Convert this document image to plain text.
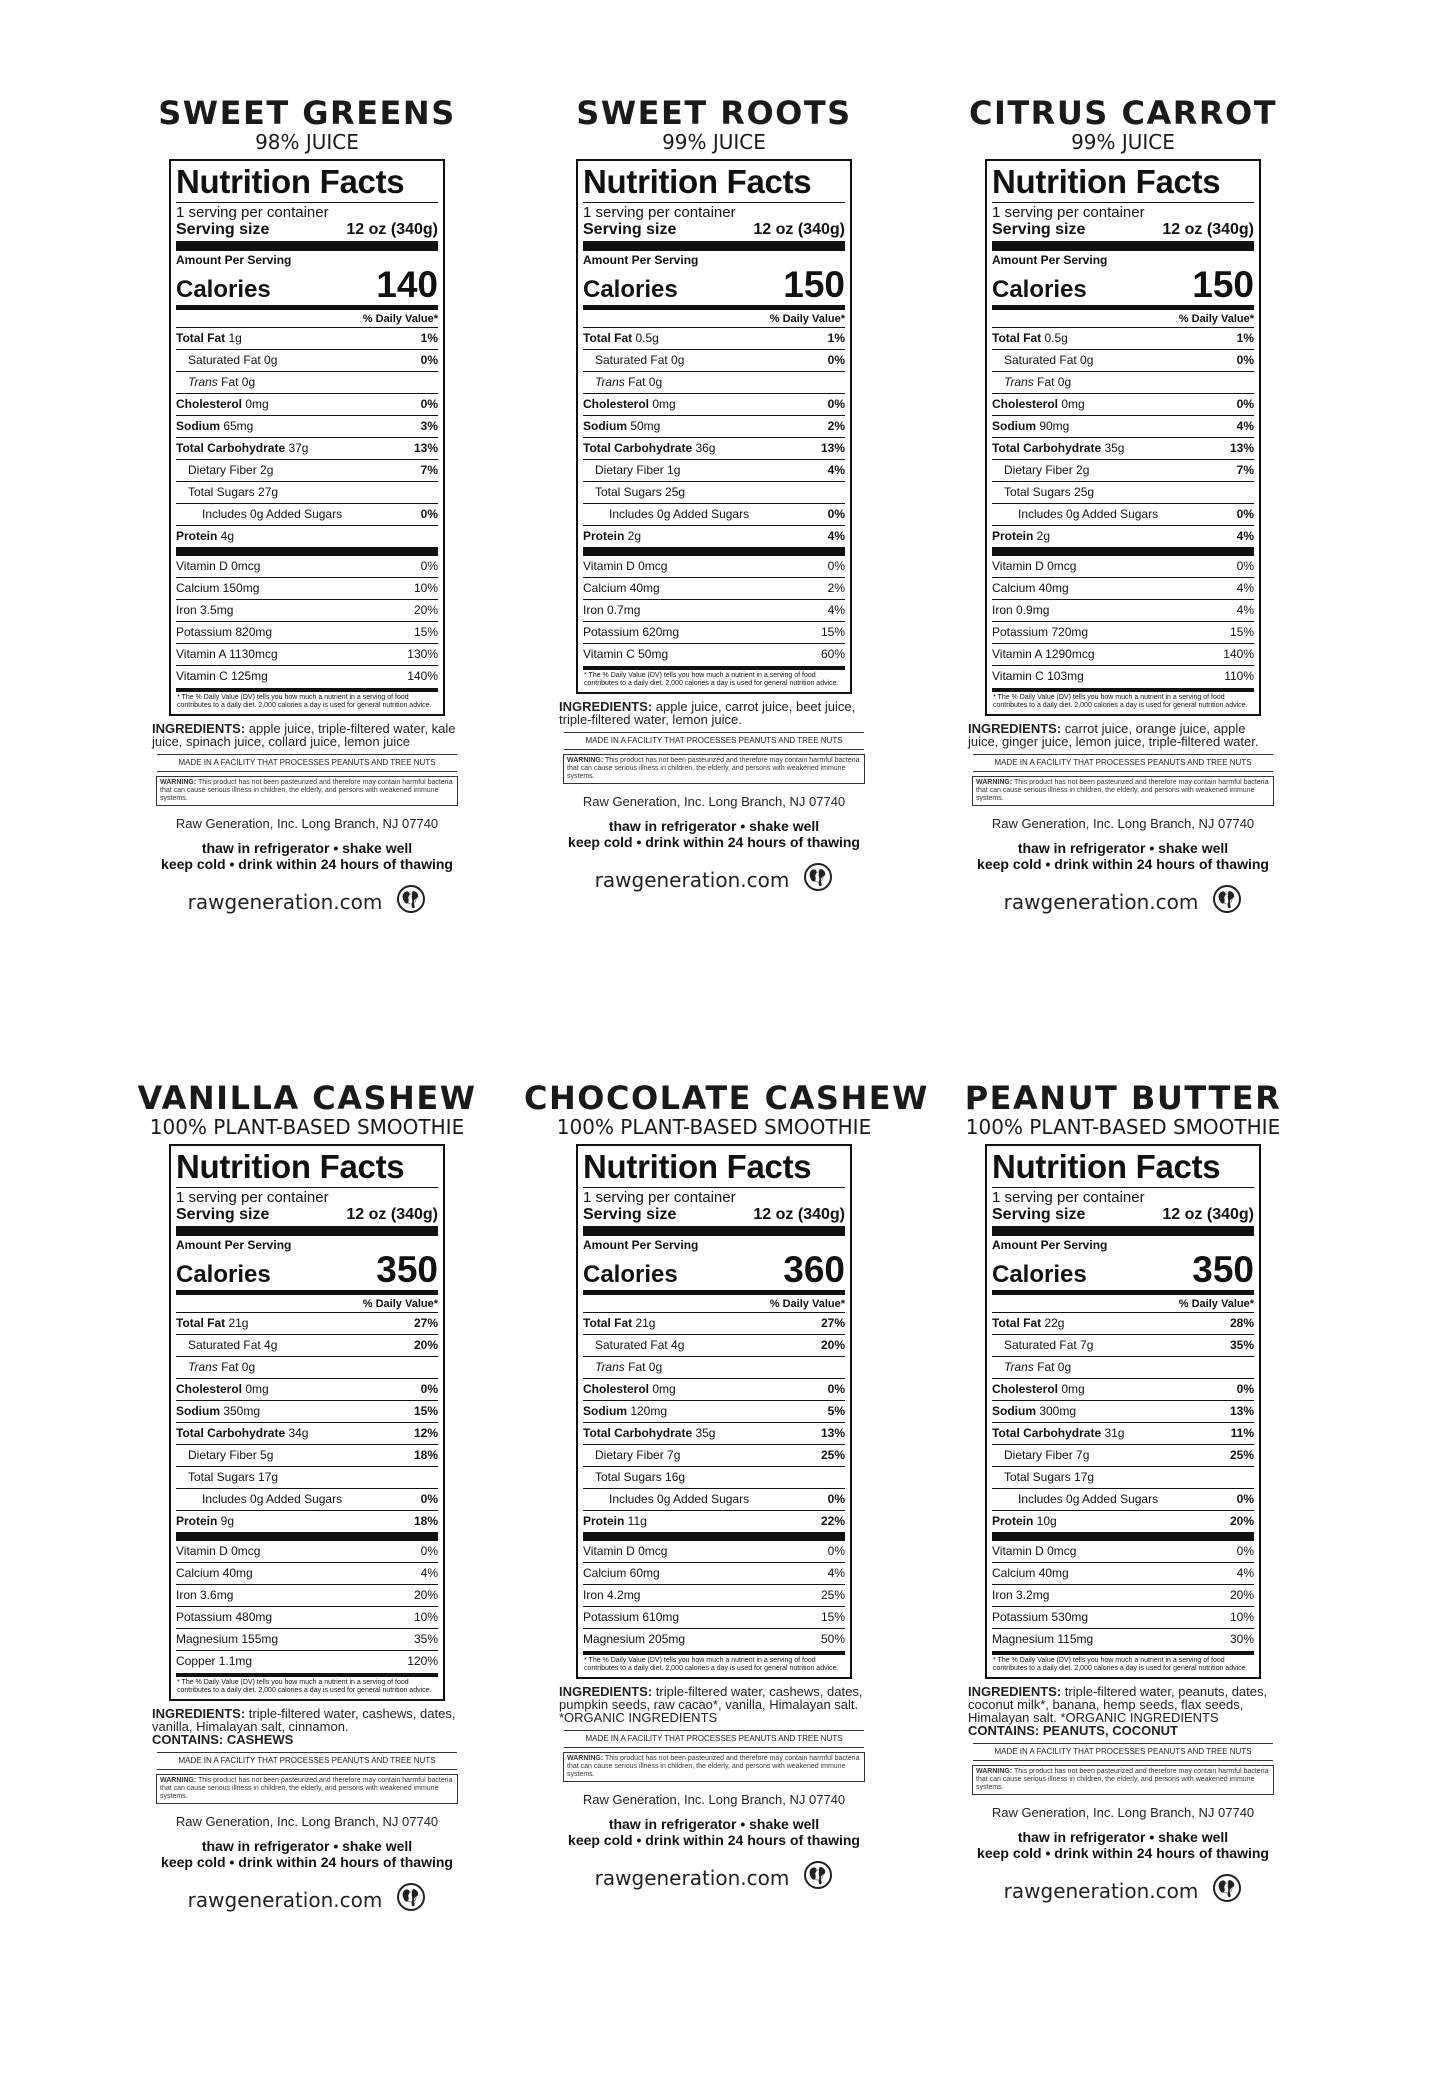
SWEET GREENS
98% JUICE
Nutrition Facts
1 serving per container
Serving size	12 oz (340g)
Amount Per Serving
Calories	140
% Daily Value*
Total Fat 1g	1%
Saturated Fat 0g	0%
Trans Fat 0g
Cholesterol 0mg	0%
Sodium 65mg	3%
Total Carbohydrate 37g	13%
Dietary Fiber 2g	7%
Total Sugars 27g
Includes 0g Added Sugars	0%
Protein 4g
Vitamin D 0mcg	0%
Calcium 150mg	10%
Iron 3.5mg	20%
Potassium 820mg	15%
Vitamin A 1130mcg	130%
Vitamin C 125mg	140%
* The % Daily Value (DV) tells you how much a nutrient in a serving of food contributes to a daily diet. 2,000 calories a day is used for general nutrition advice.
INGREDIENTS: apple juice, triple-filtered water, kale juice, spinach juice, collard juice, lemon juice
MADE IN A FACILITY THAT PROCESSES PEANUTS AND TREE NUTS
WARNING: This product has not been pasteurized and therefore may contain harmful bacteria that can cause serious illness in children, the elderly, and persons with weakened immune systems.
Raw Generation, Inc. Long Branch, NJ 07740
thaw in refrigerator • shake well
keep cold • drink within 24 hours of thawing
rawgeneration.com
SWEET ROOTS
99% JUICE
Nutrition Facts
1 serving per container
Serving size	12 oz (340g)
Amount Per Serving
Calories	150
% Daily Value*
Total Fat 0.5g	1%
Saturated Fat 0g	0%
Trans Fat 0g
Cholesterol 0mg	0%
Sodium 50mg	2%
Total Carbohydrate 36g	13%
Dietary Fiber 1g	4%
Total Sugars 25g
Includes 0g Added Sugars	0%
Protein 2g	4%
Vitamin D 0mcg	0%
Calcium 40mg	2%
Iron 0.7mg	4%
Potassium 620mg	15%
Vitamin C 50mg	60%
* The % Daily Value (DV) tells you how much a nutrient in a serving of food contributes to a daily diet. 2,000 calories a day is used for general nutrition advice.
INGREDIENTS: apple juice, carrot juice, beet juice, triple-filtered water, lemon juice.
MADE IN A FACILITY THAT PROCESSES PEANUTS AND TREE NUTS
WARNING: This product has not been pasteurized and therefore may contain harmful bacteria that can cause serious illness in children, the elderly, and persons with weakened immune systems.
Raw Generation, Inc. Long Branch, NJ 07740
thaw in refrigerator • shake well
keep cold • drink within 24 hours of thawing
rawgeneration.com
CITRUS CARROT
99% JUICE
Nutrition Facts
1 serving per container
Serving size	12 oz (340g)
Amount Per Serving
Calories	150
% Daily Value*
Total Fat 0.5g	1%
Saturated Fat 0g	0%
Trans Fat 0g
Cholesterol 0mg	0%
Sodium 90mg	4%
Total Carbohydrate 35g	13%
Dietary Fiber 2g	7%
Total Sugars 25g
Includes 0g Added Sugars	0%
Protein 2g	4%
Vitamin D 0mcg	0%
Calcium 40mg	4%
Iron 0.9mg	4%
Potassium 720mg	15%
Vitamin A 1290mcg	140%
Vitamin C 103mg	110%
* The % Daily Value (DV) tells you how much a nutrient in a serving of food contributes to a daily diet. 2,000 calories a day is used for general nutrition advice.
INGREDIENTS: carrot juice, orange juice, apple juice, ginger juice, lemon juice, triple-filtered water.
MADE IN A FACILITY THAT PROCESSES PEANUTS AND TREE NUTS
WARNING: This product has not been pasteurized and therefore may contain harmful bacteria that can cause serious illness in children, the elderly, and persons with weakened immune systems.
Raw Generation, Inc. Long Branch, NJ 07740
thaw in refrigerator • shake well
keep cold • drink within 24 hours of thawing
rawgeneration.com
VANILLA CASHEW
100% PLANT-BASED SMOOTHIE
Nutrition Facts
1 serving per container
Serving size	12 oz (340g)
Amount Per Serving
Calories	350
% Daily Value*
Total Fat 21g	27%
Saturated Fat 4g	20%
Trans Fat 0g
Cholesterol 0mg	0%
Sodium 350mg	15%
Total Carbohydrate 34g	12%
Dietary Fiber 5g	18%
Total Sugars 17g
Includes 0g Added Sugars	0%
Protein 9g	18%
Vitamin D 0mcg	0%
Calcium 40mg	4%
Iron 3.6mg	20%
Potassium 480mg	10%
Magnesium 155mg	35%
Copper 1.1mg	120%
* The % Daily Value (DV) tells you how much a nutrient in a serving of food contributes to a daily diet. 2,000 calories a day is used for general nutrition advice.
INGREDIENTS: triple-filtered water, cashews, dates, vanilla, Himalayan salt, cinnamon.
CONTAINS: CASHEWS
MADE IN A FACILITY THAT PROCESSES PEANUTS AND TREE NUTS
WARNING: This product has not been pasteurized and therefore may contain harmful bacteria that can cause serious illness in children, the elderly, and persons with weakened immune systems.
Raw Generation, Inc. Long Branch, NJ 07740
thaw in refrigerator • shake well
keep cold • drink within 24 hours of thawing
rawgeneration.com
CHOCOLATE CASHEW
100% PLANT-BASED SMOOTHIE
Nutrition Facts
1 serving per container
Serving size	12 oz (340g)
Amount Per Serving
Calories	360
% Daily Value*
Total Fat 21g	27%
Saturated Fat 4g	20%
Trans Fat 0g
Cholesterol 0mg	0%
Sodium 120mg	5%
Total Carbohydrate 35g	13%
Dietary Fiber 7g	25%
Total Sugars 16g
Includes 0g Added Sugars	0%
Protein 11g	22%
Vitamin D 0mcg	0%
Calcium 60mg	4%
Iron 4.2mg	25%
Potassium 610mg	15%
Magnesium 205mg	50%
* The % Daily Value (DV) tells you how much a nutrient in a serving of food contributes to a daily diet. 2,000 calories a day is used for general nutrition advice.
INGREDIENTS: triple-filtered water, cashews, dates, pumpkin seeds, raw cacao*, vanilla, Himalayan salt. *ORGANIC INGREDIENTS
MADE IN A FACILITY THAT PROCESSES PEANUTS AND TREE NUTS
WARNING: This product has not been pasteurized and therefore may contain harmful bacteria that can cause serious illness in children, the elderly, and persons with weakened immune systems.
Raw Generation, Inc. Long Branch, NJ 07740
thaw in refrigerator • shake well
keep cold • drink within 24 hours of thawing
rawgeneration.com
PEANUT BUTTER
100% PLANT-BASED SMOOTHIE
Nutrition Facts
1 serving per container
Serving size	12 oz (340g)
Amount Per Serving
Calories	350
% Daily Value*
Total Fat 22g	28%
Saturated Fat 7g	35%
Trans Fat 0g
Cholesterol 0mg	0%
Sodium 300mg	13%
Total Carbohydrate 31g	11%
Dietary Fiber 7g	25%
Total Sugars 17g
Includes 0g Added Sugars	0%
Protein 10g	20%
Vitamin D 0mcg	0%
Calcium 40mg	4%
Iron 3.2mg	20%
Potassium 530mg	10%
Magnesium 115mg	30%
* The % Daily Value (DV) tells you how much a nutrient in a serving of food contributes to a daily diet. 2,000 calories a day is used for general nutrition advice.
INGREDIENTS: triple-filtered water, peanuts, dates, coconut milk*, banana, hemp seeds, flax seeds, Himalayan salt. *ORGANIC INGREDIENTS
CONTAINS: PEANUTS, COCONUT
MADE IN A FACILITY THAT PROCESSES PEANUTS AND TREE NUTS
WARNING: This product has not been pasteurized and therefore may contain harmful bacteria that can cause serious illness in children, the elderly, and persons with weakened immune systems.
Raw Generation, Inc. Long Branch, NJ 07740
thaw in refrigerator • shake well
keep cold • drink within 24 hours of thawing
rawgeneration.com
